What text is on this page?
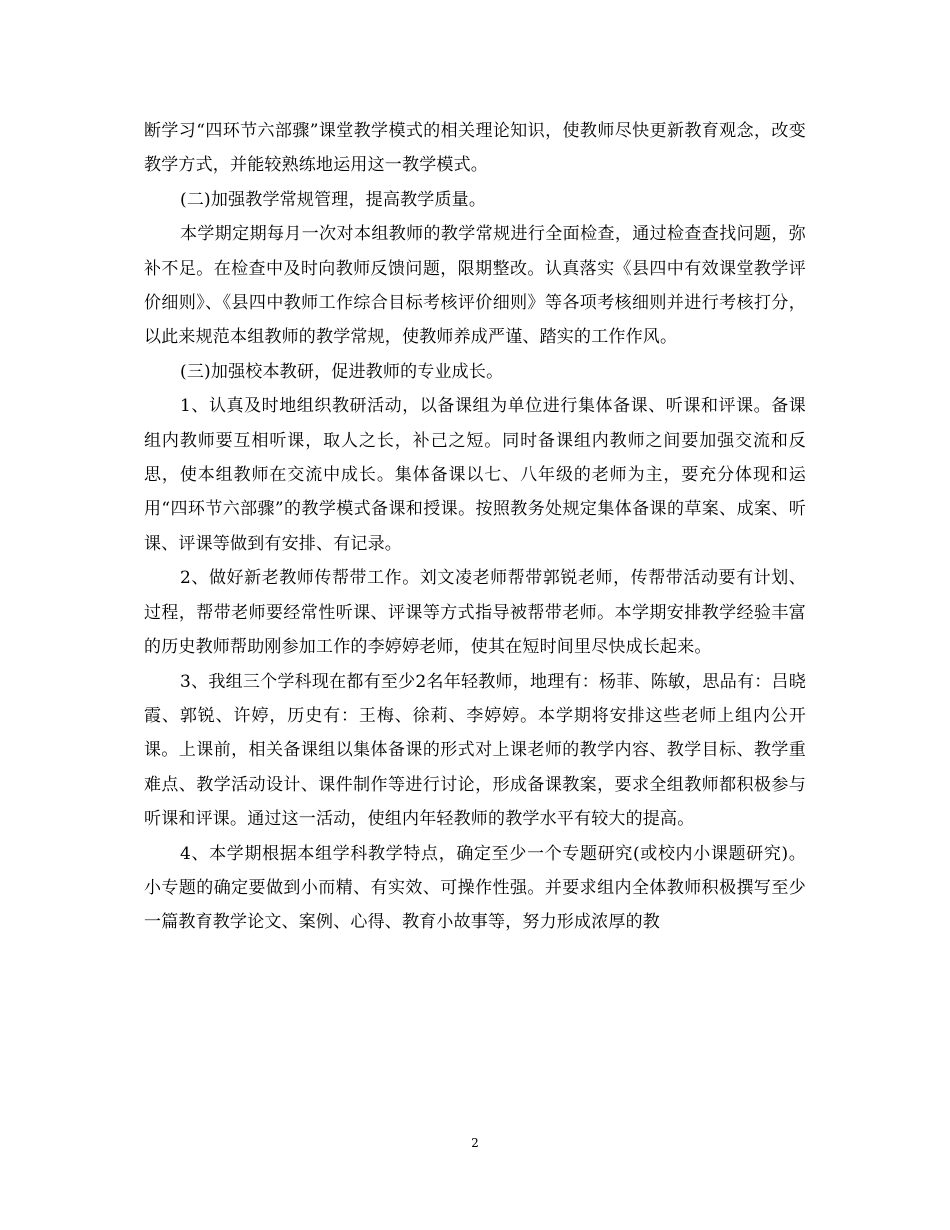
断学习“四环节六部骤”课堂教学模式的相关理论知识，使教师尽快更新教育观念，改变教学方式，并能较熟练地运用这一教学模式。

(二)加强教学常规管理，提高教学质量。

本学期定期每月一次对本组教师的教学常规进行全面检查，通过检查查找问题，弥补不足。在检查中及时向教师反馈问题，限期整改。认真落实《县四中有效课堂教学评价细则》、《县四中教师工作综合目标考核评价细则》等各项考核细则并进行考核打分，以此来规范本组教师的教学常规，使教师养成严谨、踏实的工作作风。

(三)加强校本教研，促进教师的专业成长。

1、认真及时地组织教研活动，以备课组为单位进行集体备课、听课和评课。备课组内教师要互相听课，取人之长，补己之短。同时备课组内教师之间要加强交流和反思，使本组教师在交流中成长。集体备课以七、八年级的老师为主，要充分体现和运用“四环节六部骤”的教学模式备课和授课。按照教务处规定集体备课的草案、成案、听课、评课等做到有安排、有记录。

2、做好新老教师传帮带工作。刘文凌老师帮带郭锐老师，传帮带活动要有计划、过程，帮带老师要经常性听课、评课等方式指导被帮带老师。本学期安排教学经验丰富的历史教师帮助刚参加工作的李婷婷老师，使其在短时间里尽快成长起来。

3、我组三个学科现在都有至少2名年轻教师，地理有：杨菲、陈敏，思品有：吕晓霞、郭锐、许婷，历史有：王梅、徐莉、李婷婷。本学期将安排这些老师上组内公开课。上课前，相关备课组以集体备课的形式对上课老师的教学内容、教学目标、教学重难点、教学活动设计、课件制作等进行讨论，形成备课教案，要求全组教师都积极参与听课和评课。通过这一活动，使组内年轻教师的教学水平有较大的提高。

4、本学期根据本组学科教学特点，确定至少一个专题研究(或校内小课题研究)。小专题的确定要做到小而精、有实效、可操作性强。并要求组内全体教师积极撰写至少一篇教育教学论文、案例、心得、教育小故事等，努力形成浓厚的教

2
